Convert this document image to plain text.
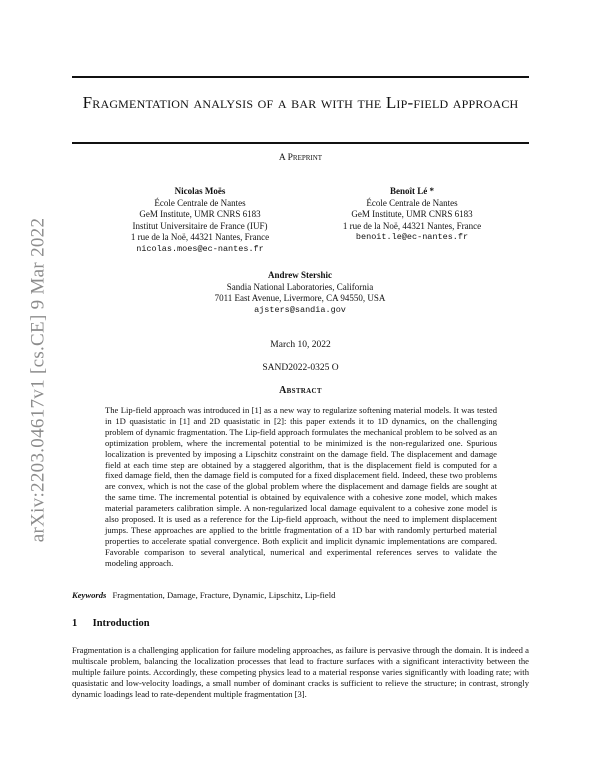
arXiv:2203.04617v1 [cs.CE] 9 Mar 2022
Fragmentation analysis of a bar with the Lip-field approach
A Preprint
Nicolas Moës
École Centrale de Nantes
GeM Institute, UMR CNRS 6183
Institut Universitaire de France (IUF)
1 rue de la Noë, 44321 Nantes, France
nicolas.moes@ec-nantes.fr
Benoît Lé *
École Centrale de Nantes
GeM Institute, UMR CNRS 6183
1 rue de la Noë, 44321 Nantes, France
benoit.le@ec-nantes.fr
Andrew Stershic
Sandia National Laboratories, California
7011 East Avenue, Livermore, CA 94550, USA
ajsters@sandia.gov
March 10, 2022
SAND2022-0325 O
Abstract

The Lip-field approach was introduced in [1] as a new way to regularize softening material models. It was tested in 1D quasistatic in [1] and 2D quasistatic in [2]: this paper extends it to 1D dynamics, on the challenging problem of dynamic fragmentation. The Lip-field approach formulates the mechanical problem to be solved as an optimization problem, where the incremental potential to be minimized is the non-regularized one. Spurious localization is prevented by imposing a Lipschitz constraint on the damage field. The displacement and damage field at each time step are obtained by a staggered algorithm, that is the displacement field is computed for a fixed damage field, then the damage field is computed for a fixed displacement field. Indeed, these two problems are convex, which is not the case of the global problem where the displacement and damage fields are sought at the same time. The incremental potential is obtained by equivalence with a cohesive zone model, which makes material parameters calibration simple. A non-regularized local damage equivalent to a cohesive zone model is also proposed. It is used as a reference for the Lip-field approach, without the need to implement displacement jumps. These approaches are applied to the brittle fragmentation of a 1D bar with randomly perturbed material properties to accelerate spatial convergence. Both explicit and implicit dynamic implementations are compared. Favorable comparison to several analytical, numerical and experimental references serves to validate the modeling approach.

Keywords Fragmentation, Damage, Fracture, Dynamic, Lipschitz, Lip-field
1 Introduction

Fragmentation is a challenging application for failure modeling approaches, as failure is pervasive through the domain. It is indeed a multiscale problem, balancing the localization processes that lead to fracture surfaces with a significant interactivity between the multiple failure points. Accordingly, these competing physics lead to a material response varies significantly with loading rate; with quasistatic and low-velocity loadings, a small number of dominant cracks is sufficient to relieve the structure; in contrast, strongly dynamic loadings lead to rate-dependent multiple fragmentation [3].
